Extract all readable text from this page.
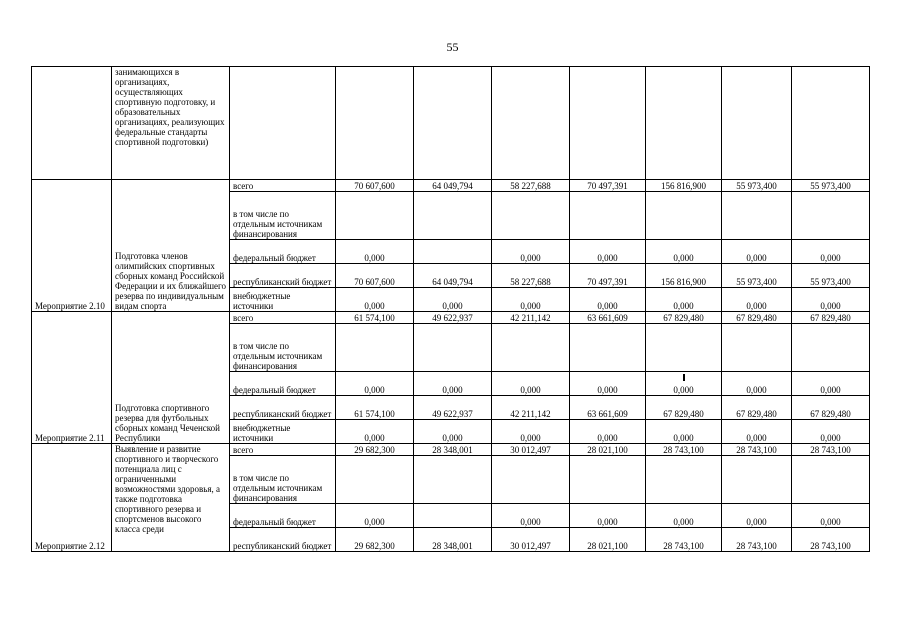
55
	занимающихся в организациях, осуществляющих спортивную подготовку, и образовательных организациях, реализующих федеральные стандарты спортивной подготовки)								
Мероприятие 2.10	Подготовка членов олимпийских спортивных сборных команд Российской Федерации и их ближайшего резерва по индивидуальным видам спорта	всего	70 607,600	64 049,794	58 227,688	70 497,391	156 816,900	55 973,400	55 973,400
		в том числе по отдельным источникам финансирования							
		федеральный бюджет	0,000		0,000	0,000	0,000	0,000	0,000
		республиканский бюджет	70 607,600	64 049,794	58 227,688	70 497,391	156 816,900	55 973,400	55 973,400
		внебюджетные источники	0,000	0,000	0,000	0,000	0,000	0,000	0,000
Мероприятие 2.11	Подготовка спортивного резерва для футбольных сборных команд Чеченской Республики	всего	61 574,100	49 622,937	42 211,142	63 661,609	67 829,480	67 829,480	67 829,480
		в том числе по отдельным источникам финансирования							
		федеральный бюджет	0,000	0,000	0,000	0,000	0,000	0,000	0,000
		республиканский бюджет	61 574,100	49 622,937	42 211,142	63 661,609	67 829,480	67 829,480	67 829,480
		внебюджетные источники	0,000	0,000	0,000	0,000	0,000	0,000	0,000
Мероприятие 2.12	Выявление и развитие спортивного и творческого потенциала лиц с ограниченными возможностями здоровья, а также подготовка спортивного резерва и спортсменов высокого класса среди	всего	29 682,300	28 348,001	30 012,497	28 021,100	28 743,100	28 743,100	28 743,100
		в том числе по отдельным источникам финансирования							
		федеральный бюджет	0,000		0,000	0,000	0,000	0,000	0,000
		республиканский бюджет	29 682,300	28 348,001	30 012,497	28 021,100	28 743,100	28 743,100	28 743,100
